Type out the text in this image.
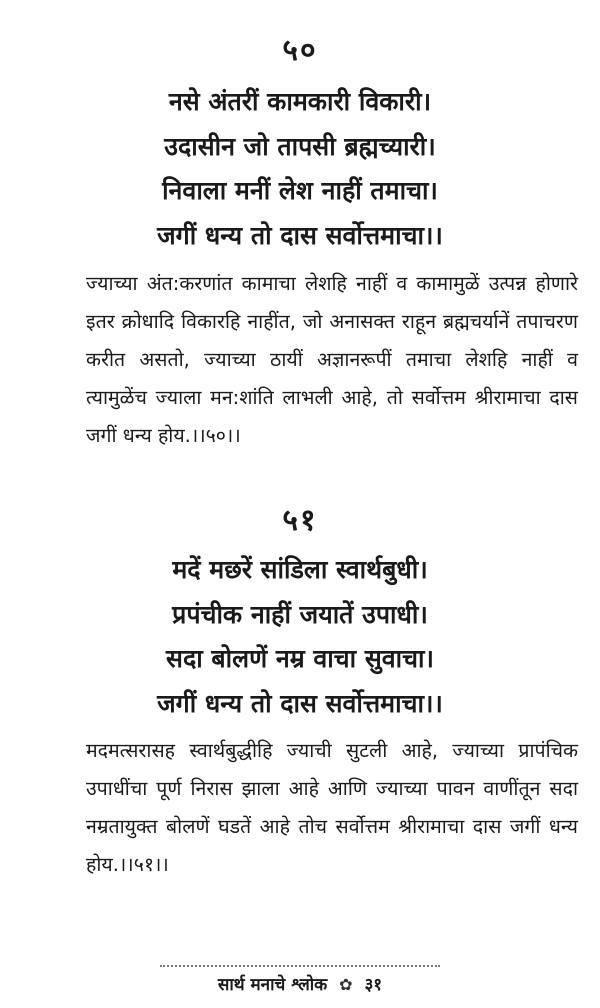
५०
नसे अंतरीं कामकारी विकारी।
उदासीन जो तापसी ब्रह्मच्यारी।
निवाला मनीं लेश नाहीं तमाचा।
जगीं धन्य तो दास सर्वोत्तमाचा।।
ज्याच्या अंत:करणांत कामाचा लेशहि नाहीं व कामामुळें उत्पन्न होणारे इतर क्रोधादि विकारहि नाहींत, जो अनासक्त राहून ब्रह्मचर्यानें तपाचरण करीत असतो, ज्याच्या ठायीं अज्ञानरूपीं तमाचा लेशहि नाहीं व त्यामुळेंच ज्याला मन:शांति लाभली आहे, तो सर्वोत्तम श्रीरामाचा दास जगीं धन्य होय.।।५०।।
५१
मदें मछरें सांडिला स्वार्थबुधी।
प्रपंचीक नाहीं जयातें उपाधी।
सदा बोलणें नम्र वाचा सुवाचा।
जगीं धन्य तो दास सर्वोत्तमाचा।।
मदमत्सरासह स्वार्थबुद्धीहि ज्याची सुटली आहे, ज्याच्या प्रापंचिक उपाधींचा पूर्ण निरास झाला आहे आणि ज्याच्या पावन वाणींतून सदा नम्रतायुक्त बोलणें घडतें आहे तोच सर्वोत्तम श्रीरामाचा दास जगीं धन्य होय.।।५१।।
सार्थ मनाचे श्लोक ✿ ३१
